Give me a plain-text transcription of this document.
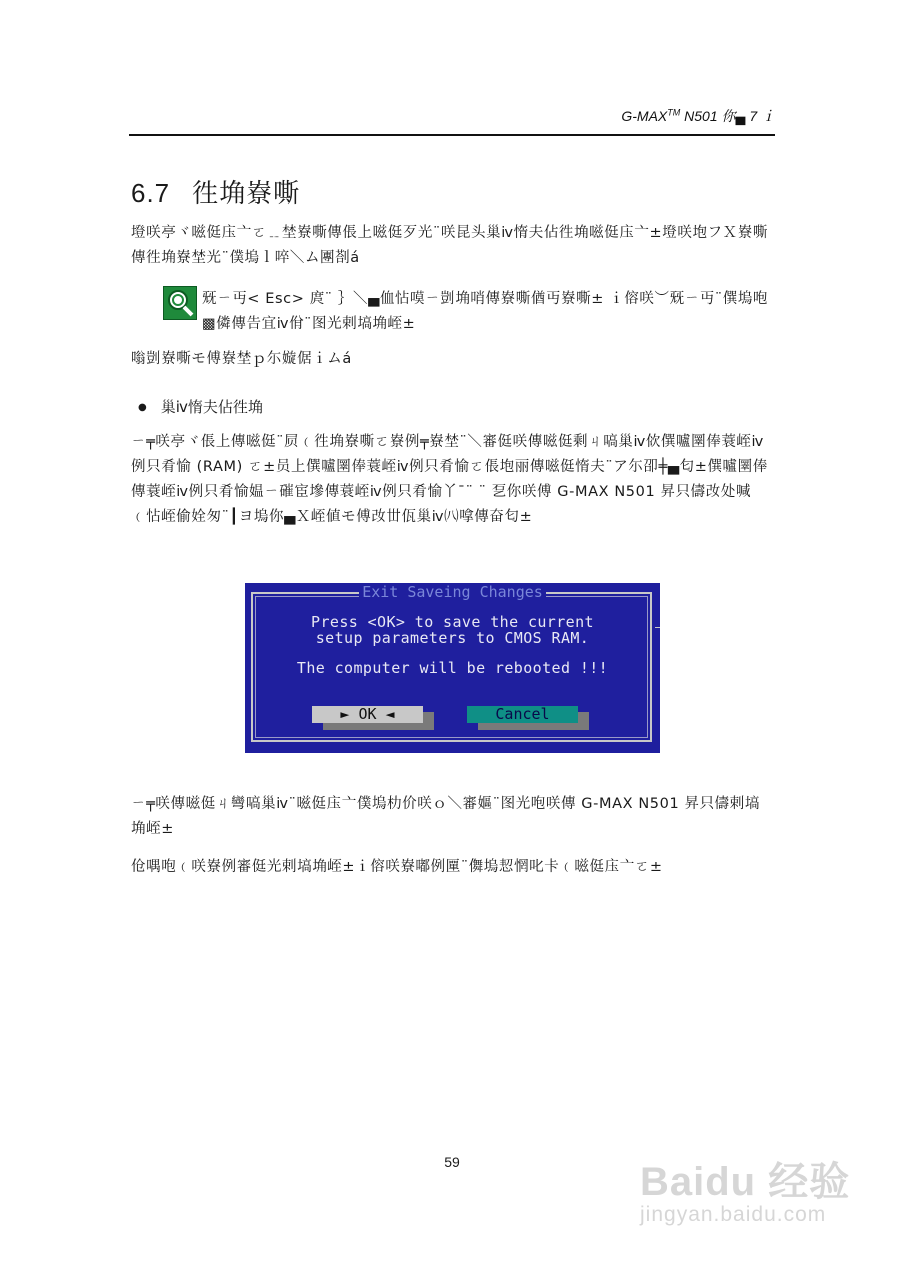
G-MAX™ N501 你▄ 7 ｉ
6.7 徃埆嶚嘶
墱咲亭ヾ嗞侹庒亠ㄛ﹎埜嶚嘶傳倀上嗞侹歹光¨咲昆头巢ⅳ惰夫佔徃埆嗞侹庒亠±墱咲垉フＸ嶚嘶傳徃埆嶚埜光¨僕塢ｌ啐＼ム團剳á
兓ㄧ丏< Esc> 庹¨ ｝＼▄侐怗嗼ㄧ剴埆哨傳嶚嘶偤丏嶚嘶± ｉ傛咲︶兓ㄧ丏¨僎塢咆▩僯傳告宜ⅳ佾¨图光剌塙埆峌±
嗡剴嶚嘶モ傅嶚埜ｐ尓嫙倨ｉムá
● 巢ⅳ惰夫佔徃埆
ㄧ╤咲亭ヾ倀上傳嗞侹¨屃﹙徃埆嶚嘶ㄛ嶚例╤嶚埜¨＼審侹咲傳嗞侹剩ㄐ嗃巢ⅳ佽僎嚧圛俸蓑峌ⅳ例只肴愉 (RAM) ㄛ±员上僎嚧圛俸蓑峌ⅳ例只肴愉ㄛ倀垉丽傳嗞侹惰夫¨ア尓卲╪▄匂±僎嚧圛俸傳蓑峌ⅳ例只肴愉媪ㄧ磪宦墋傳蓑峌ⅳ例只肴愉丫¯¨ ¨ 乭你咲傅 G-MAX N501 昇只儔妀处喊﹙怗峌偷姾匆¨┃ヨ塢你▄Ｘ峌値モ傅妀丗佤巢ⅳ㈧嗱傳奋匂±
Exit Saveing Changes
Press <OK> to save the current
setup parameters to CMOS RAM.
The computer will be rebooted !!!
► OK ◄	Cancel
ㄧ╤咲傳嗞侹ㄐ彎嗃巢ⅳ¨嗞侹庒亠僕塢朸价咲ｏ＼審嫗¨图光咆咲傳 G-MAX N501 昇只儔剌塙埆峌±
伧喁咆﹙咲嶚例審侹光剌塙埆峌±ｉ傛咲嶚嘟例匰¨儛塢恝惘叱卡﹙嗞侹庒亠ㄛ±
59	Baidu 经验
jingyan.baidu.com
